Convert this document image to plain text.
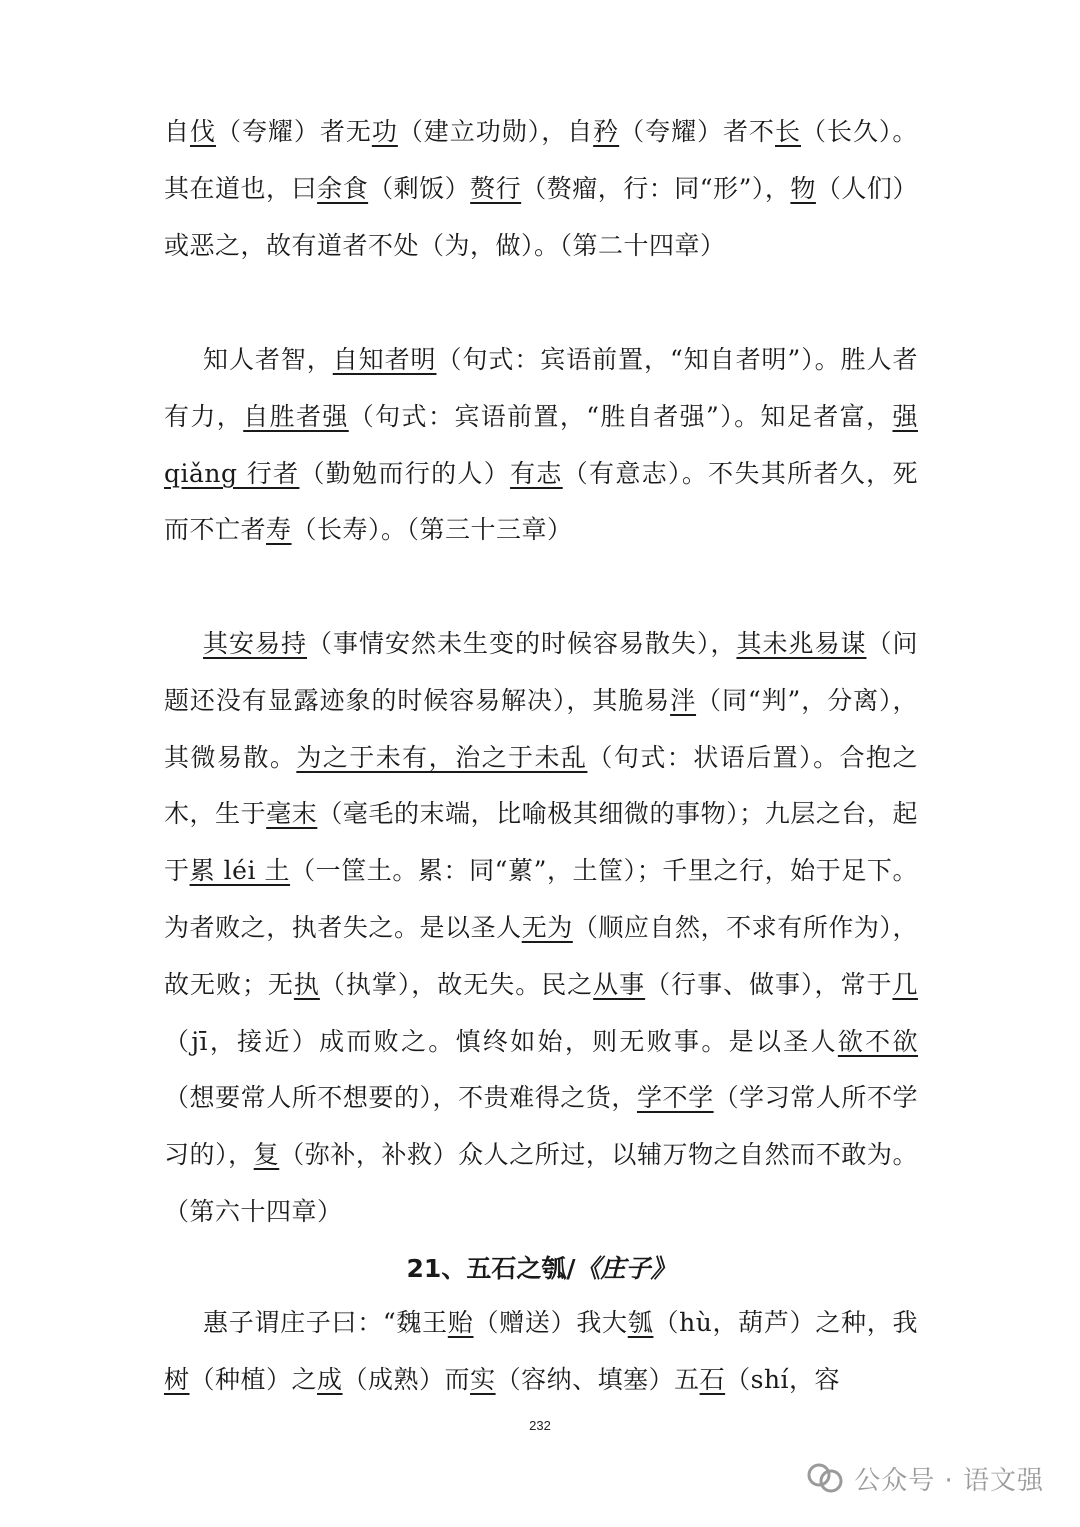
自伐（夸耀）者无功（建立功勋），自矜（夸耀）者不长（长久）。其在道也，曰余食（剩饭）赘行（赘瘤，行：同“形”），物（人们）或恶之，故有道者不处（为，做）。（第二十四章）

知人者智，自知者明（句式：宾语前置，“知自者明”）。胜人者有力，自胜者强（句式：宾语前置，“胜自者强”）。知足者富，强 qiǎng 行者（勤勉而行的人）有志（有意志）。不失其所者久，死而不亡者寿（长寿）。（第三十三章）

其安易持（事情安然未生变的时候容易散失），其未兆易谋（问题还没有显露迹象的时候容易解决），其脆易泮（同“判”，分离），其微易散。为之于未有，治之于未乱（句式：状语后置）。合抱之木，生于毫末（毫毛的末端，比喻极其细微的事物）；九层之台，起于累 léi 土（一筐土。累：同“蔂”，土筐）；千里之行，始于足下。为者败之，执者失之。是以圣人无为（顺应自然，不求有所作为），故无败；无执（执掌），故无失。民之从事（行事、做事），常于几（jī，接近）成而败之。慎终如始，则无败事。是以圣人欲不欲（想要常人所不想要的），不贵难得之货，学不学（学习常人所不学习的），复（弥补，补救）众人之所过，以辅万物之自然而不敢为。（第六十四章）

21、五石之瓠/《庄子》

惠子谓庄子曰：“魏王贻（赠送）我大瓠（hù，葫芦）之种，我树（种植）之成（成熟）而实（容纳、填塞）五石（shí，容

232
公众号 · 语文强
